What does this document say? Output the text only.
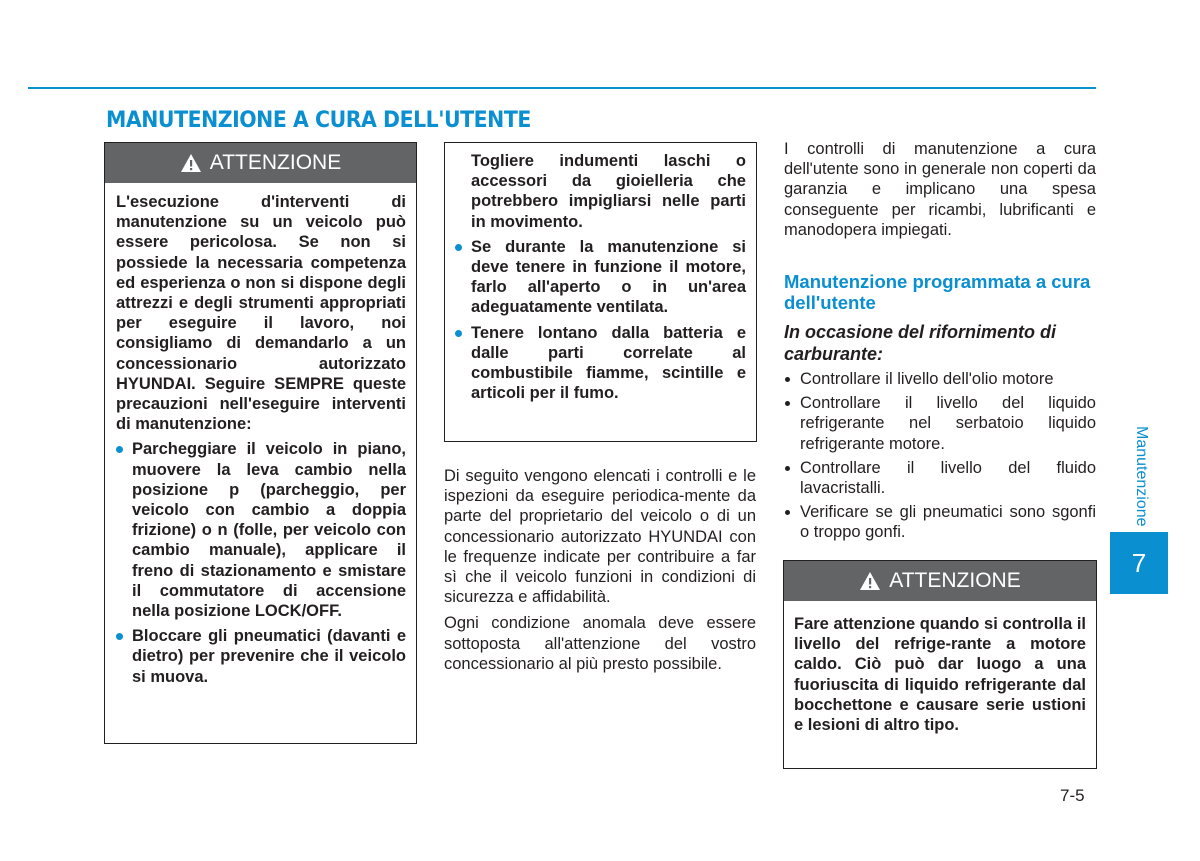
MANUTENZIONE A CURA DELL'UTENTE
ATTENZIONE
L'esecuzione d'interventi di manutenzione su un veicolo può essere pericolosa. Se non si possiede la necessaria competenza ed esperienza o non si dispone degli attrezzi e degli strumenti appropriati per eseguire il lavoro, noi consigliamo di demandarlo a un concessionario autorizzato HYUNDAI. Seguire SEMPRE queste precauzioni nell'eseguire interventi di manutenzione:
Parcheggiare il veicolo in piano, muovere la leva cambio nella posizione p (parcheggio, per veicolo con cambio a doppia frizione) o n (folle, per veicolo con cambio manuale), applicare il freno di stazionamento e smistare il commutatore di accensione nella posizione LOCK/OFF.
Bloccare gli pneumatici (davanti e dietro) per prevenire che il veicolo si muova.
Togliere indumenti laschi o accessori da gioielleria che potrebbero impigliarsi nelle parti in movimento.
Se durante la manutenzione si deve tenere in funzione il motore, farlo all'aperto o in un'area adeguatamente ventilata.
Tenere lontano dalla batteria e dalle parti correlate al combustibile fiamme, scintille e articoli per il fumo.

Di seguito vengono elencati i controlli e le ispezioni da eseguire periodica-mente da parte del proprietario del veicolo o di un concessionario autorizzato HYUNDAI con le frequenze indicate per contribuire a far sì che il veicolo funzioni in condizioni di sicurezza e affidabilità.

Ogni condizione anomala deve essere sottoposta all'attenzione del vostro concessionario al più presto possibile.

I controlli di manutenzione a cura dell'utente sono in generale non coperti da garanzia e implicano una spesa conseguente per ricambi, lubrificanti e manodopera impiegati.

Manutenzione programmata a cura dell'utente
In occasione del rifornimento di carburante:
Controllare il livello dell'olio motore
Controllare il livello del liquido refrigerante nel serbatoio liquido refrigerante motore.
Controllare il livello del fluido lavacristalli.
Verificare se gli pneumatici sono sgonfi o troppo gonfi.
ATTENZIONE
Fare attenzione quando si controlla il livello del refrige-rante a motore caldo. Ciò può dar luogo a una fuoriuscita di liquido refrigerante dal bocchettone e causare serie ustioni e lesioni di altro tipo.
Manutenzione
7
7-5
